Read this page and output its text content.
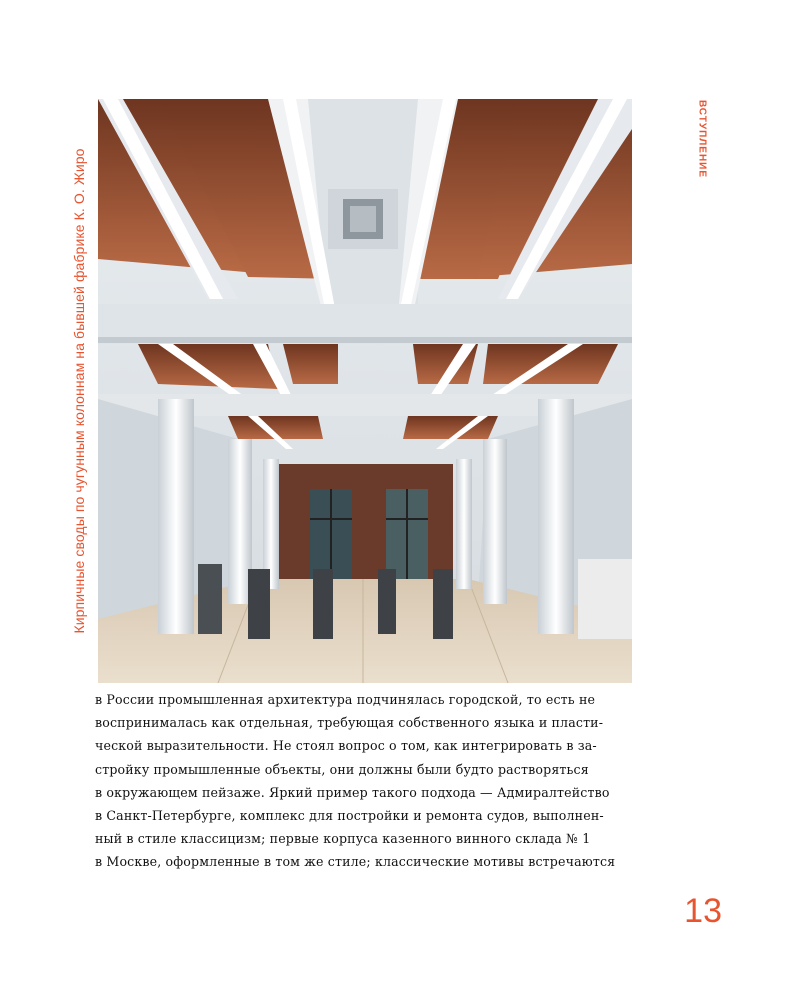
Кирпичные своды по чугунным колоннам на бывшей фабрике К. О. Жиро
ВСТУПЛЕНИЕ
в России промышленная архитектура подчинялась городской, то есть не
воспринималась как отдельная, требующая собственного языка и пласти-
ческой выразительности. Не стоял вопрос о том, как интегрировать в за-
стройку промышленные объекты, они должны были будто растворяться
в окружающем пейзаже. Яркий пример такого подхода — Адмиралтейство
в Санкт-Петербурге, комплекс для постройки и ремонта судов, выполнен-
ный в стиле классицизм; первые корпуса казенного винного склада № 1
в Москве, оформленные в том же стиле; классические мотивы встречаются
13
